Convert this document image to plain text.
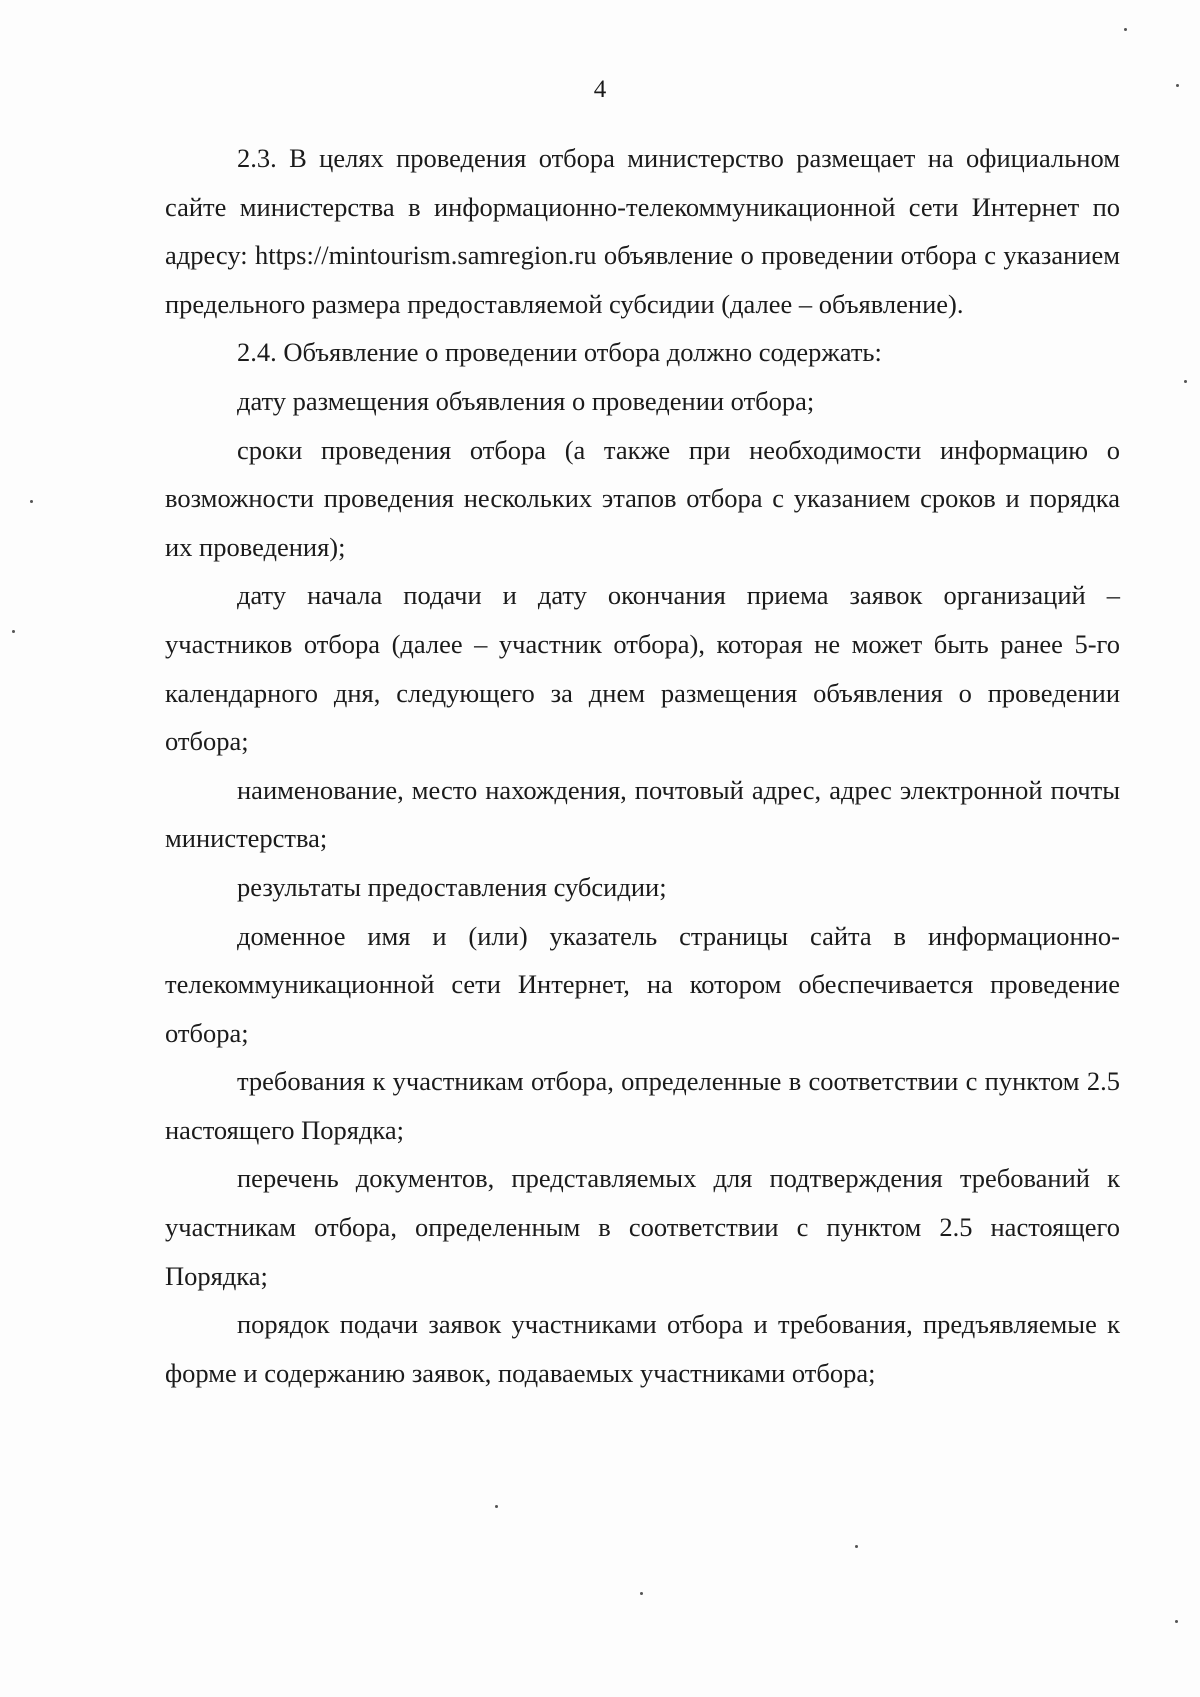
4

2.3. В целях проведения отбора министерство размещает на официальном сайте министерства в информационно-телекоммуникационной сети Интернет по адресу: https://mintourism.samregion.ru объявление о проведении отбора с указанием предельного размера предоставляемой субсидии (далее – объявление).

2.4. Объявление о проведении отбора должно содержать:

дату размещения объявления о проведении отбора;

сроки проведения отбора (а также при необходимости информацию о возможности проведения нескольких этапов отбора с указанием сроков и порядка их проведения);

дату начала подачи и дату окончания приема заявок организаций – участников отбора (далее – участник отбора), которая не может быть ранее 5-го календарного дня, следующего за днем размещения объявления о проведении отбора;

наименование, место нахождения, почтовый адрес, адрес электронной почты министерства;

результаты предоставления субсидии;

доменное имя и (или) указатель страницы сайта в информационно-телекоммуникационной сети Интернет, на котором обеспечивается проведение отбора;

требования к участникам отбора, определенные в соответствии с пунктом 2.5 настоящего Порядка;

перечень документов, представляемых для подтверждения требований к участникам отбора, определенным в соответствии с пунктом 2.5 настоящего Порядка;

порядок подачи заявок участниками отбора и требования, предъявляемые к форме и содержанию заявок, подаваемых участниками отбора;
